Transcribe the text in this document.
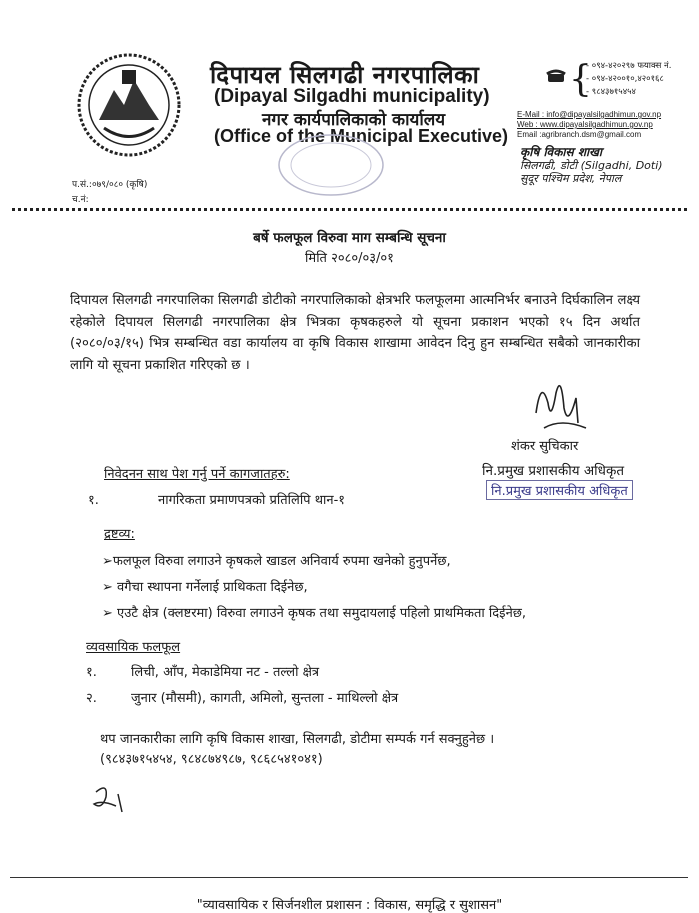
दिपायल सिलगढी नगरपालिका
(Dipayal Silgadhi municipality)
नगर कार्यपालिकाको कार्यालय
(Office of the Municipal Executive)
{
- ०९४-४२०२९७ फयाक्स नं.
- ०९४-४२००१०,४२०१६८
- ९८४३७१५४५४
E-Mail : info@dipayalsilgadhimun.gov.np
Web : www.dipayalsilgadhimun.gov.np
Email :agribranch.dsm@gmail.com
कृषि विकास शाखा
सिलगढी, डोटी (Silgadhi, Doti)
सुदूर पश्चिम प्रदेश, नेपाल
प.सं.:०७९/०८० (कृषि)
च.नं:
बर्षे फलफूल विरुवा माग सम्बन्धि सूचना
मिति २०८०/०३/०१
दिपायल सिलगढी नगरपालिका सिलगढी डोटीको नगरपालिकाको क्षेत्रभरि फलफूलमा आत्मनिर्भर बनाउने दिर्घकालिन लक्ष्य रहेकोले दिपायल सिलगढी नगरपालिका क्षेत्र भित्रका कृषकहरुले यो सूचना प्रकाशन भएको १५ दिन अर्थात (२०८०/०३/१५) भित्र सम्बन्धित वडा कार्यालय वा कृषि विकास शाखामा आवेदन दिनु हुन सम्बन्धित सबैको जानकारीका लागि यो सूचना प्रकाशित गरिएको छ ।
शंकर सुचिकार
नि.प्रमुख प्रशासकीय अधिकृत
नि.प्रमुख प्रशासकीय अधिकृत
निवेदनन साथ पेश गर्नु पर्ने कागजातहरु:
१.	नागरिकता प्रमाणपत्रको प्रतिलिपि थान-१
द्रष्टव्य:
➢फलफूल विरुवा लगाउने कृषकले खाडल अनिवार्य रुपमा खनेको हुनुपर्नेछ,
➢ वगैचा स्थापना गर्नेलाई प्राथिकता दिईनेछ,
➢ एउटै क्षेत्र (क्लष्टरमा) विरुवा लगाउने कृषक तथा समुदायलाई पहिलो प्राथमिकता दिईनेछ,
व्यवसायिक फलफूल
१.	लिची, आँप, मेकाडेमिया नट - तल्लो क्षेत्र
२.	जुनार (मौसमी), कागती, अमिलो, सुन्तला - माथिल्लो क्षेत्र
थप जानकारीका लागि कृषि विकास शाखा, सिलगढी, डोटीमा सम्पर्क गर्न सक्नुहुनेछ ।
(९८४३७१५४५४, ९८४८७४९८७, ९८६८५४१०४१)
"व्यावसायिक र सिर्जनशील प्रशासन : विकास, समृद्धि र सुशासन"
